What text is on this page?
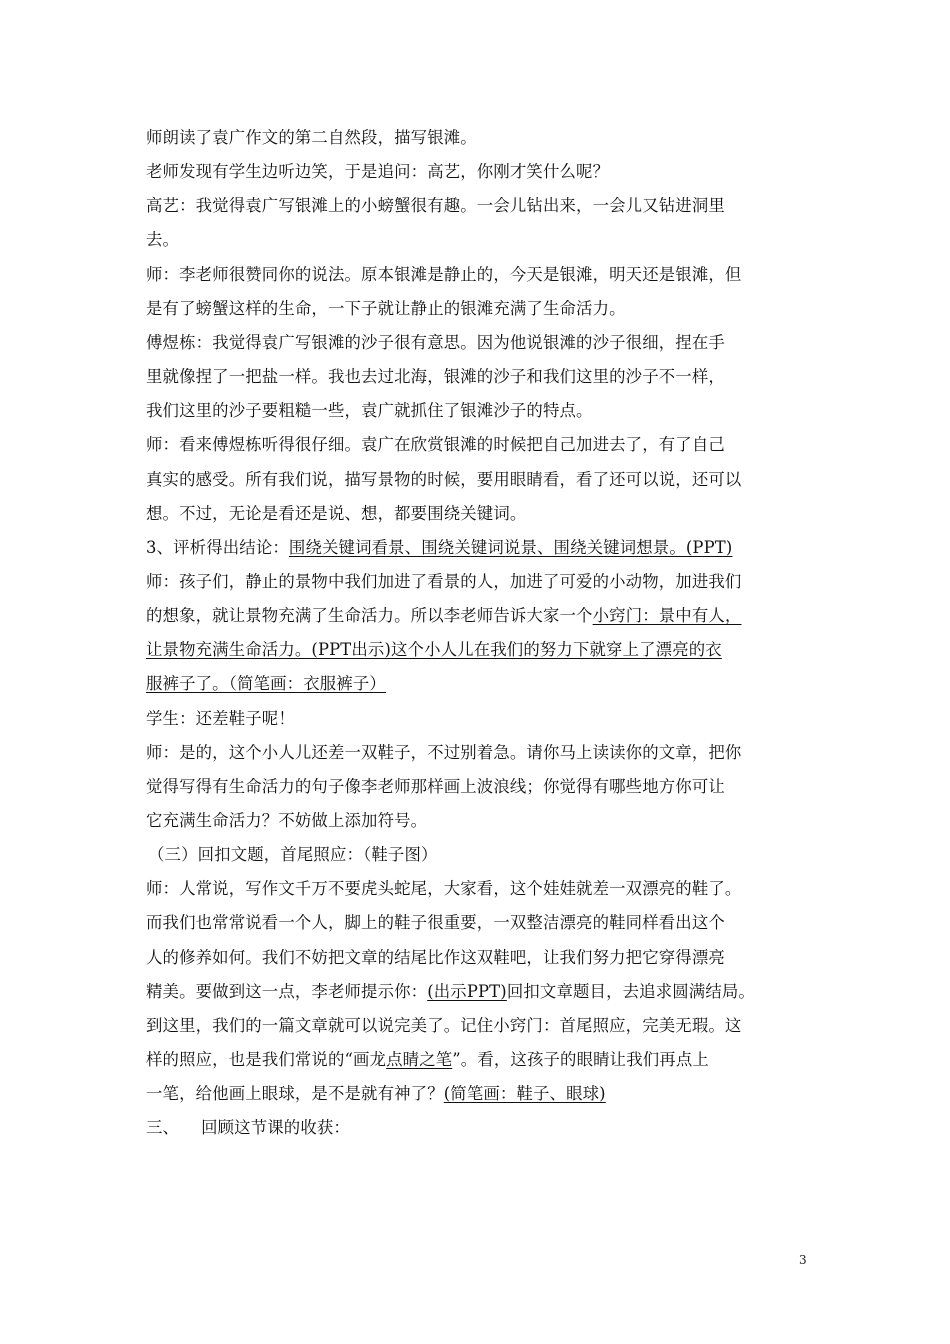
师朗读了袁广作文的第二自然段，描写银滩。
老师发现有学生边听边笑，于是追问：高艺，你刚才笑什么呢？
高艺：我觉得袁广写银滩上的小螃蟹很有趣。一会儿钻出来，一会儿又钻进洞里
去。
师：李老师很赞同你的说法。原本银滩是静止的，今天是银滩，明天还是银滩，但
是有了螃蟹这样的生命，一下子就让静止的银滩充满了生命活力。
傅煜栋：我觉得袁广写银滩的沙子很有意思。因为他说银滩的沙子很细，捏在手
里就像捏了一把盐一样。我也去过北海，银滩的沙子和我们这里的沙子不一样，
我们这里的沙子要粗糙一些，袁广就抓住了银滩沙子的特点。
师：看来傅煜栋听得很仔细。袁广在欣赏银滩的时候把自己加进去了，有了自己
真实的感受。所有我们说，描写景物的时候，要用眼睛看，看了还可以说，还可以
想。不过，无论是看还是说、想，都要围绕关键词。
3、评析得出结论：围绕关键词看景、围绕关键词说景、围绕关键词想景。(PPT)
师：孩子们，静止的景物中我们加进了看景的人，加进了可爱的小动物，加进我们
的想象，就让景物充满了生命活力。所以李老师告诉大家一个小窍门：景中有人，
让景物充满生命活力。(PPT出示)这个小人儿在我们的努力下就穿上了漂亮的衣
服裤子了。（简笔画：衣服裤子）
学生：还差鞋子呢！
师：是的，这个小人儿还差一双鞋子，不过别着急。请你马上读读你的文章，把你
觉得写得有生命活力的句子像李老师那样画上波浪线；你觉得有哪些地方你可让
它充满生命活力？不妨做上添加符号。
（三）回扣文题，首尾照应：（鞋子图）
师：人常说，写作文千万不要虎头蛇尾，大家看，这个娃娃就差一双漂亮的鞋了。
而我们也常常说看一个人，脚上的鞋子很重要，一双整洁漂亮的鞋同样看出这个
人的修养如何。我们不妨把文章的结尾比作这双鞋吧，让我们努力把它穿得漂亮
精美。要做到这一点，李老师提示你：(出示PPT)回扣文章题目，去追求圆满结局。
到这里，我们的一篇文章就可以说完美了。记住小窍门：首尾照应，完美无瑕。这
样的照应，也是我们常说的“画龙点睛之笔”。看，这孩子的眼睛让我们再点上
一笔，给他画上眼球，是不是就有神了？(简笔画：鞋子、眼球)
三、 回顾这节课的收获：
3
